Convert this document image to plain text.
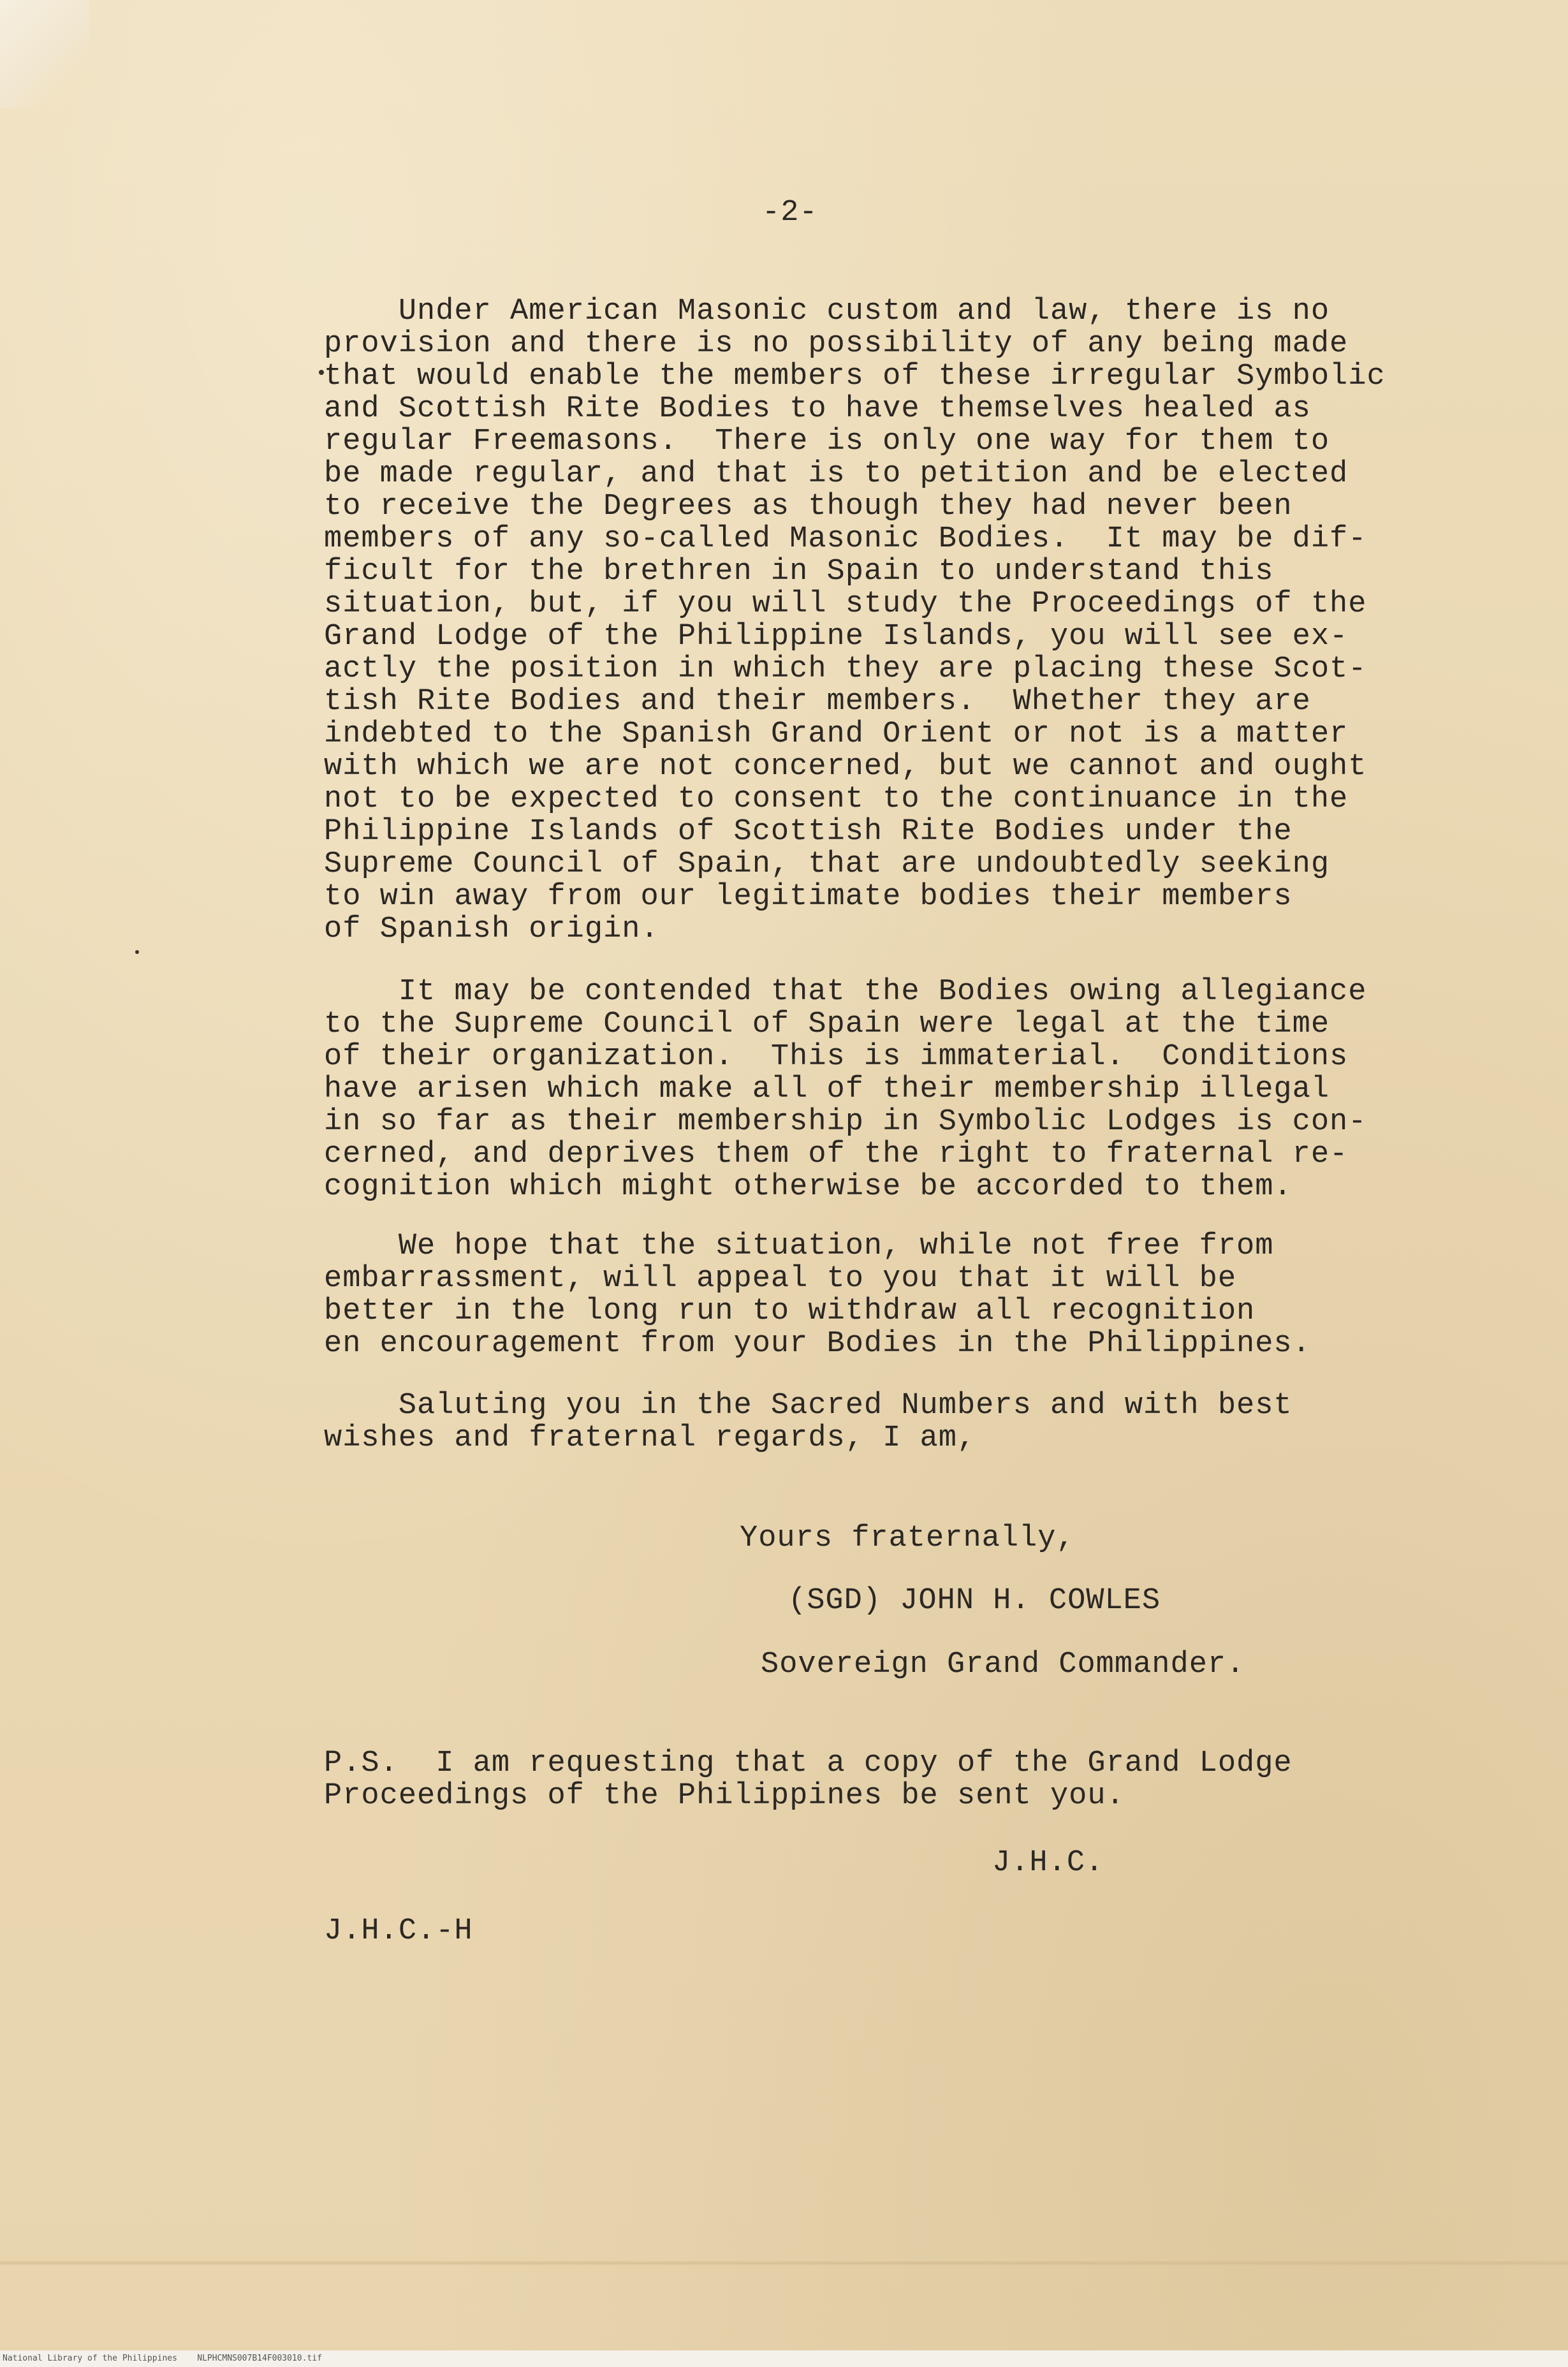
-2-

Under American Masonic custom and law, there is no
provision and there is no possibility of any being made
that would enable the members of these irregular Symbolic
and Scottish Rite Bodies to have themselves healed as
regular Freemasons.  There is only one way for them to
be made regular, and that is to petition and be elected
to receive the Degrees as though they had never been
members of any so-called Masonic Bodies.  It may be dif-
ficult for the brethren in Spain to understand this
situation, but, if you will study the Proceedings of the
Grand Lodge of the Philippine Islands, you will see ex-
actly the position in which they are placing these Scot-
tish Rite Bodies and their members.  Whether they are
indebted to the Spanish Grand Orient or not is a matter
with which we are not concerned, but we cannot and ought
not to be expected to consent to the continuance in the
Philippine Islands of Scottish Rite Bodies under the
Supreme Council of Spain, that are undoubtedly seeking
to win away from our legitimate bodies their members
of Spanish origin.

It may be contended that the Bodies owing allegiance
to the Supreme Council of Spain were legal at the time
of their organization.  This is immaterial.  Conditions
have arisen which make all of their membership illegal
in so far as their membership in Symbolic Lodges is con-
cerned, and deprives them of the right to fraternal re-
cognition which might otherwise be accorded to them.

We hope that the situation, while not free from
embarrassment, will appeal to you that it will be
better in the long run to withdraw all recognition
en encouragement from your Bodies in the Philippines.

Saluting you in the Sacred Numbers and with best
wishes and fraternal regards, I am,

Yours fraternally,

(SGD) JOHN H. COWLES

Sovereign Grand Commander.

P.S.  I am requesting that a copy of the Grand Lodge
Proceedings of the Philippines be sent you.

J.H.C.

J.H.C.-H

National Library of the Philippines    NLPHCMNS007B14F003010.tif
